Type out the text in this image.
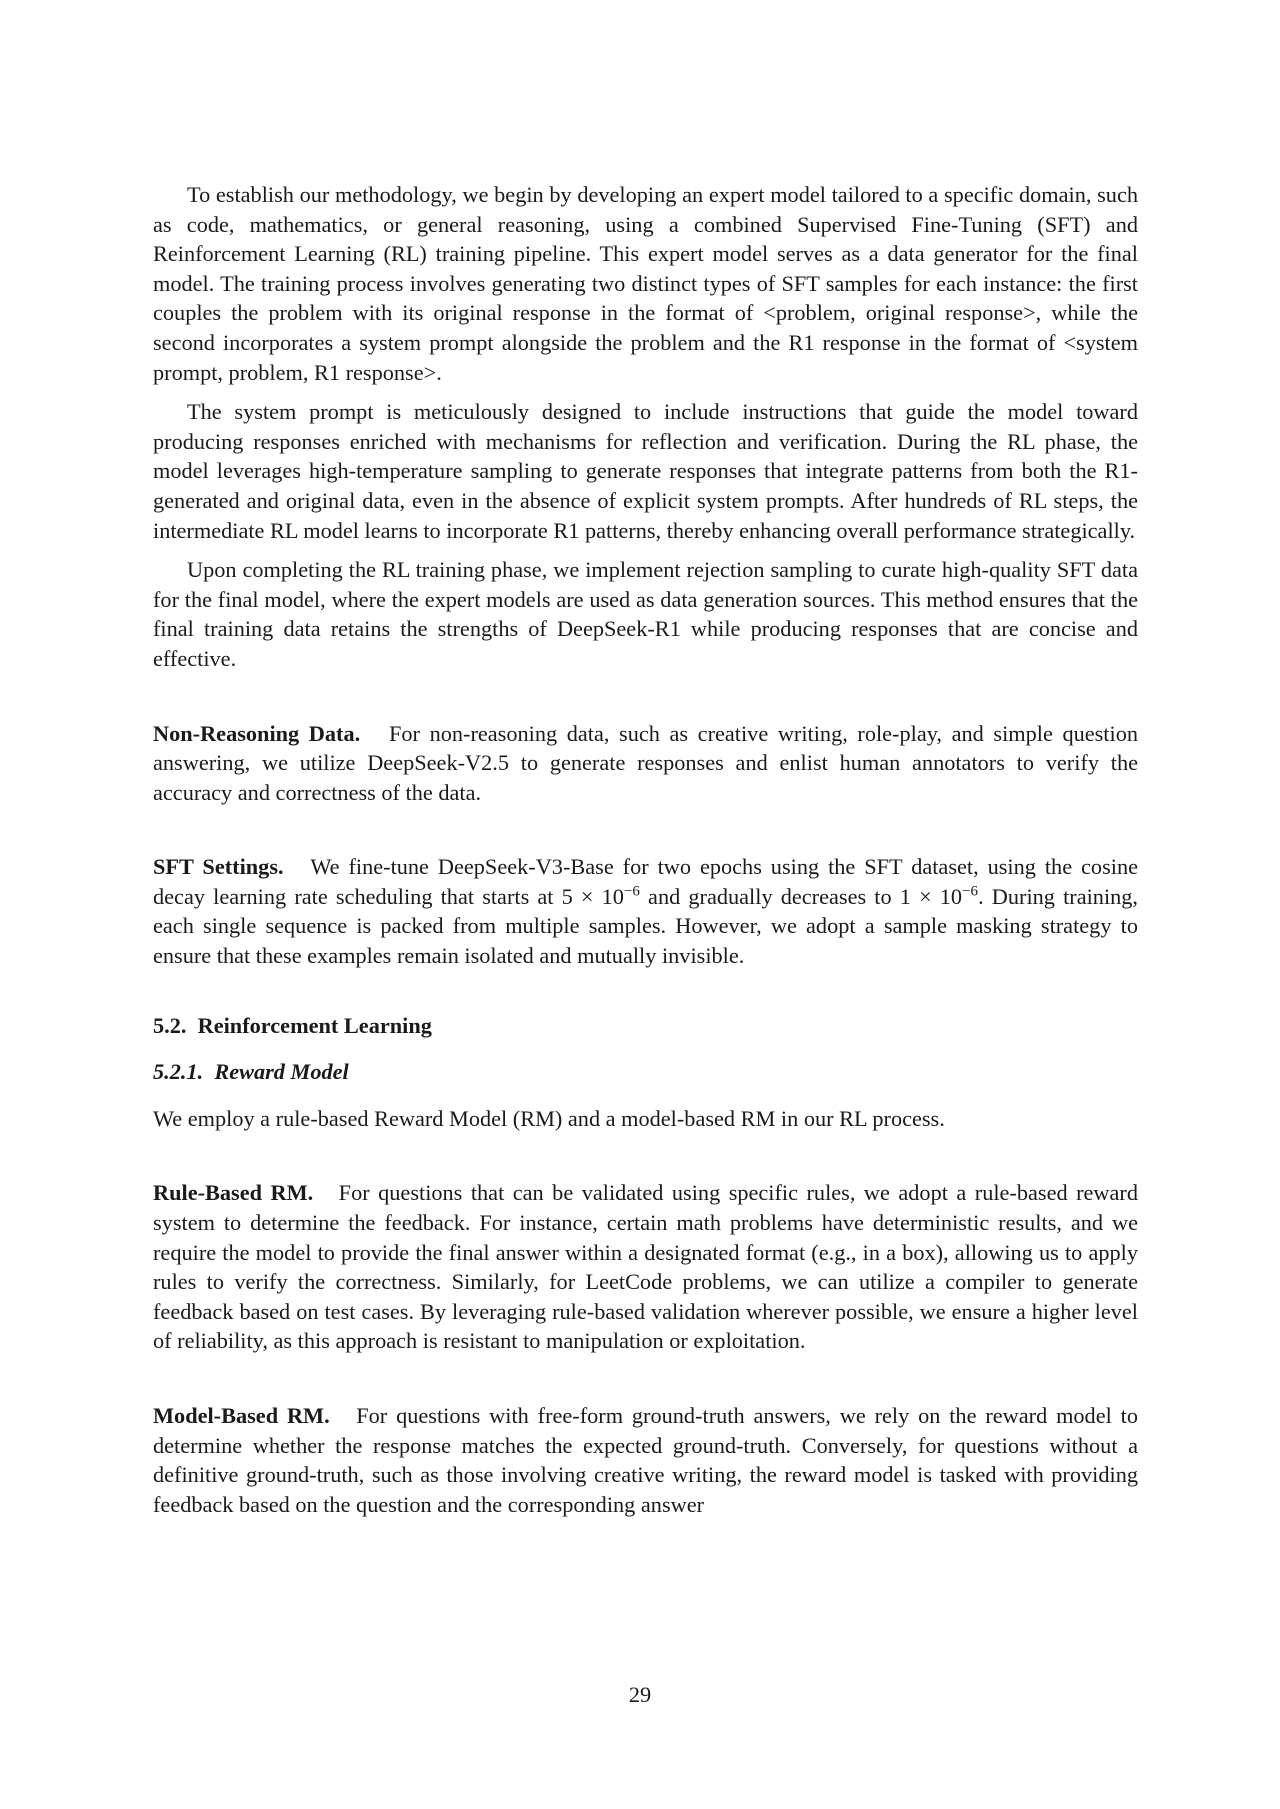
To establish our methodology, we begin by developing an expert model tailored to a specific domain, such as code, mathematics, or general reasoning, using a combined Supervised Fine-Tuning (SFT) and Reinforcement Learning (RL) training pipeline. This expert model serves as a data generator for the final model. The training process involves generating two distinct types of SFT samples for each instance: the first couples the problem with its original response in the format of <problem, original response>, while the second incorporates a system prompt alongside the problem and the R1 response in the format of <system prompt, problem, R1 response>.

The system prompt is meticulously designed to include instructions that guide the model toward producing responses enriched with mechanisms for reflection and verification. During the RL phase, the model leverages high-temperature sampling to generate responses that integrate patterns from both the R1-generated and original data, even in the absence of explicit system prompts. After hundreds of RL steps, the intermediate RL model learns to incorporate R1 patterns, thereby enhancing overall performance strategically.

Upon completing the RL training phase, we implement rejection sampling to curate high-quality SFT data for the final model, where the expert models are used as data generation sources. This method ensures that the final training data retains the strengths of DeepSeek-R1 while producing responses that are concise and effective.

Non-Reasoning Data. For non-reasoning data, such as creative writing, role-play, and simple question answering, we utilize DeepSeek-V2.5 to generate responses and enlist human annotators to verify the accuracy and correctness of the data.

SFT Settings. We fine-tune DeepSeek-V3-Base for two epochs using the SFT dataset, using the cosine decay learning rate scheduling that starts at $5 \times 10^{-6}$ and gradually decreases to $1 \times 10^{-6}$. During training, each single sequence is packed from multiple samples. However, we adopt a sample masking strategy to ensure that these examples remain isolated and mutually invisible.

5.2. Reinforcement Learning
5.2.1. Reward Model

We employ a rule-based Reward Model (RM) and a model-based RM in our RL process.

Rule-Based RM. For questions that can be validated using specific rules, we adopt a rule-based reward system to determine the feedback. For instance, certain math problems have deterministic results, and we require the model to provide the final answer within a designated format (e.g., in a box), allowing us to apply rules to verify the correctness. Similarly, for LeetCode problems, we can utilize a compiler to generate feedback based on test cases. By leveraging rule-based validation wherever possible, we ensure a higher level of reliability, as this approach is resistant to manipulation or exploitation.

Model-Based RM. For questions with free-form ground-truth answers, we rely on the reward model to determine whether the response matches the expected ground-truth. Conversely, for questions without a definitive ground-truth, such as those involving creative writing, the reward model is tasked with providing feedback based on the question and the corresponding answer

29
